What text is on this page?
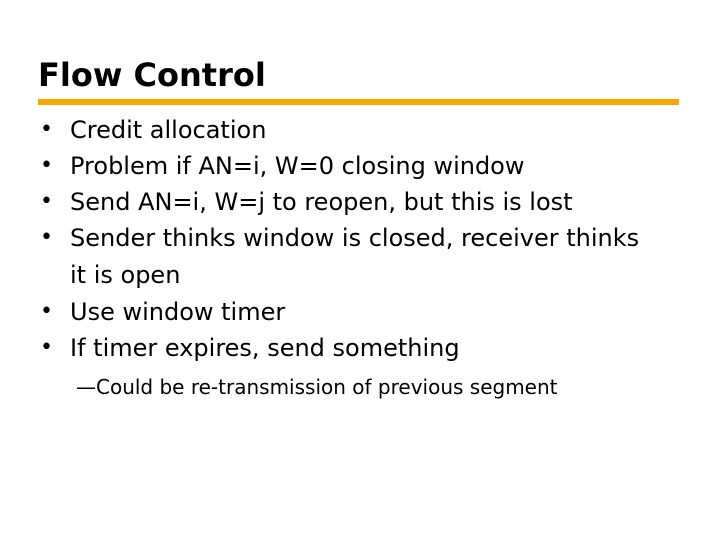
Flow Control
• Credit allocation
• Problem if AN=i, W=0 closing window
• Send AN=i, W=j to reopen, but this is lost
• Sender thinks window is closed, receiver thinks
it is open
• Use window timer
• If timer expires, send something
— Could be re-transmission of previous segment
